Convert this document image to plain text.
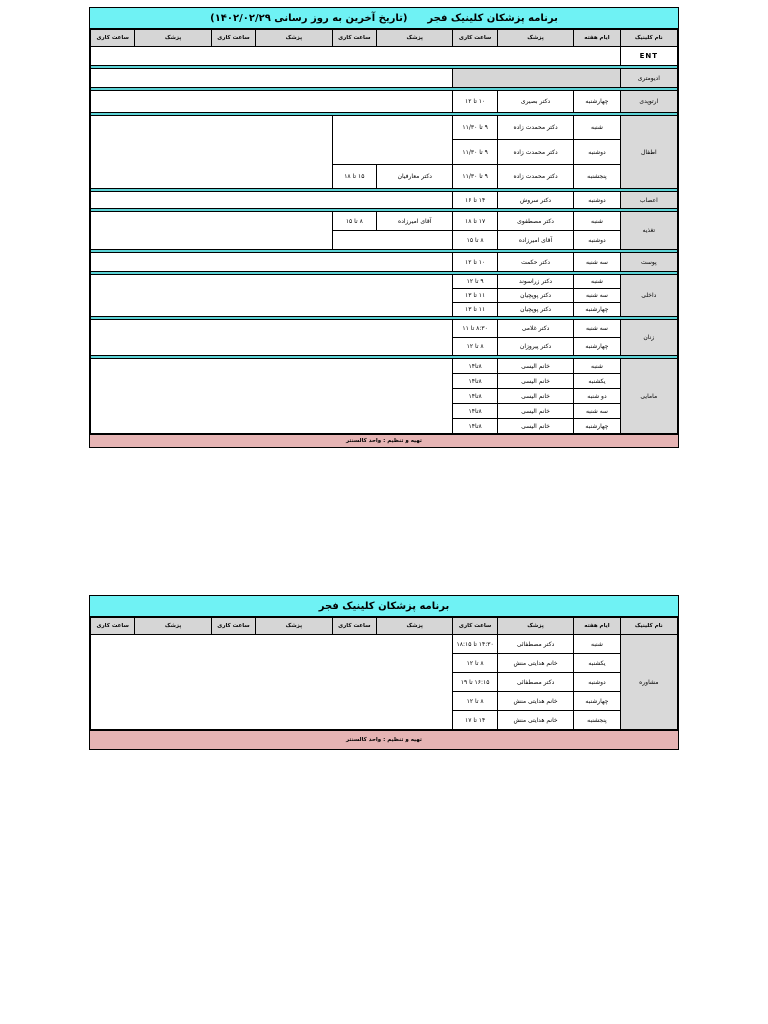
برنامه پزشکان کلینیک فجر
(تاریخ آخرین به روز رسانی ۱۴۰۲/۰۲/۲۹)
نام کلینیک	ایام هفته	پزشک	ساعت کاری	پزشک	ساعت کاری	پزشک	ساعت کاری	پزشک	ساعت کاری
ENT									

ادیومتری									

ارتوپدی	چهارشنبه	دکتر بصیری	۱۰ تا ۱۲						

اطفال	شنبه	دکتر محمدت زاده	۹ تا ۱۱/۳۰						
	دوشنبه	دکتر محمدت زاده	۹ تا ۱۱/۳۰						
	پنجشنبه	دکتر محمدت زاده	۹ تا ۱۱/۳۰	دکتر معارفیان	۱۵ تا ۱۸				

اعصاب	دوشنبه	دکتر سروش	۱۴ تا ۱۶						

تغذیه	شنبه	دکتر مصطفوی	۱۷ تا ۱۸	آقای امیرزاده	۸ تا ۱۵				
	دوشنبه	آقای امیرزاده	۸ تا ۱۵						

پوست	سه شنبه	دکتر حکمت	۱۰ تا ۱۲						

داخلی	شنبه	دکتر زراسوند	۹ تا ۱۲						
	سه شنبه	دکتر پوپچیان	۱۱ تا ۱۳						
	چهارشنبه	دکتر پوپچیان	۱۱ تا ۱۳						

زنان	سه شنبه	دکتر غلامی	۸:۳۰ تا ۱۱						
	چهارشنبه	دکتر پیروزان	۸ تا ۱۲						

مامایی	شنبه	خانم الیسی	۸تا۱۴						
	یکشنبه	خانم الیسی	۸تا۱۴						
	دو شنبه	خانم الیسی	۸تا۱۴						
	سه شنبه	خانم الیسی	۸تا۱۴						
	چهارشنبه	خانم الیسی	۸تا۱۴						
تهیه و تنظیم : واحد کالسنتر
برنامه پزشکان کلینیک فجر
نام کلینیک	ایام هفته	پزشک	ساعت کاری	پزشک	ساعت کاری	پزشک	ساعت کاری	پزشک	ساعت کاری
مشاوره	شنبه	دکتر مصطفائی	۱۴:۳۰ تا ۱۸:۱۵						
	یکشنبه	خانم هدایتی منش	۸ تا ۱۲						
	دوشنبه	دکتر مصطفائی	۱۶:۱۵ تا ۱۹						
	چهارشنبه	خانم هدایتی منش	۸ تا ۱۲						
	پنجشنبه	خانم هدایتی منش	۱۴ تا ۱۷						
تهیه و تنظیم : واحد کالسنتر
